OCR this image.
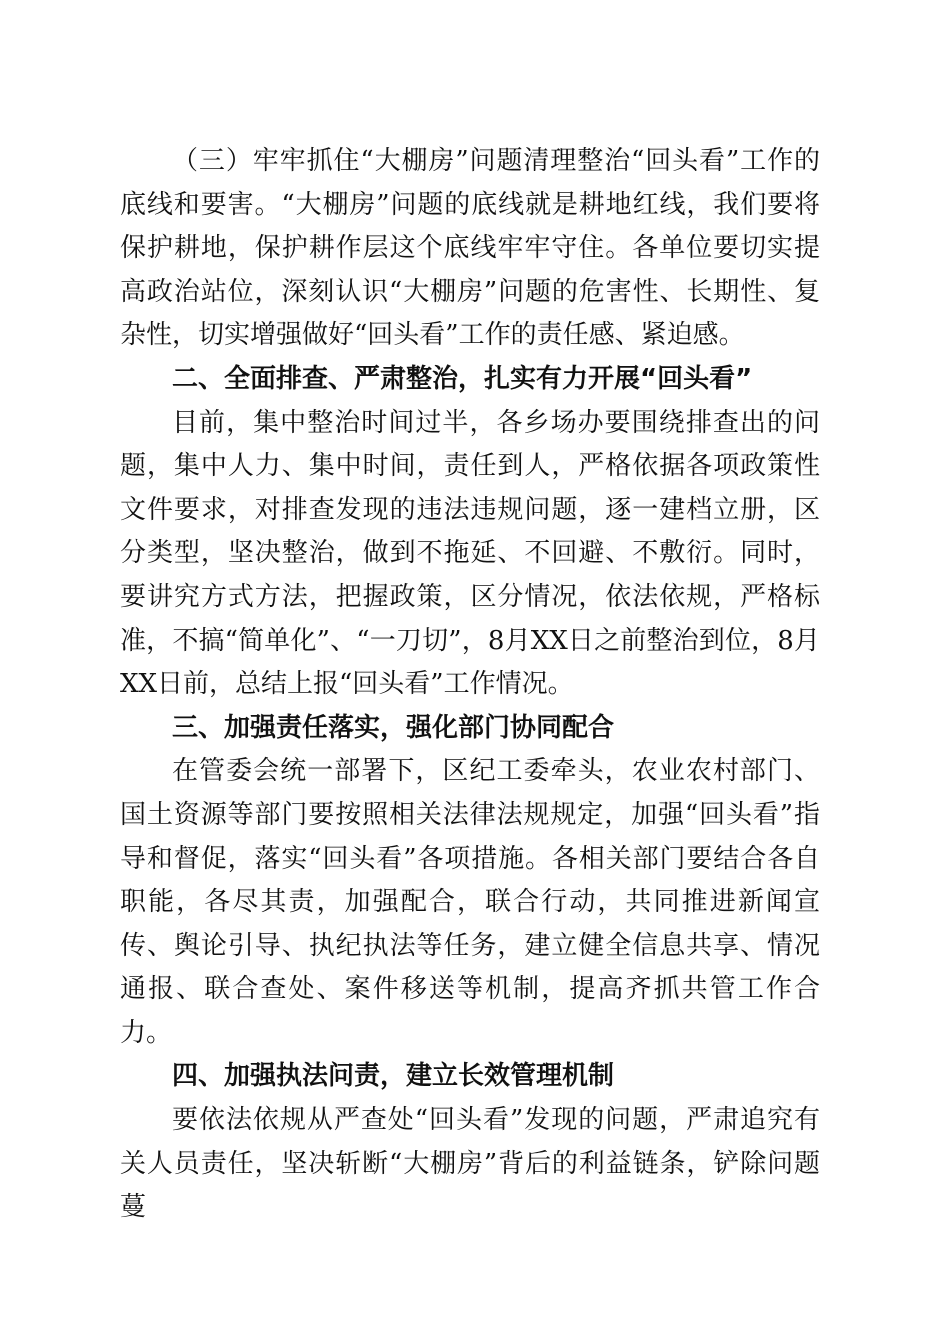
（三）牢牢抓住“大棚房”问题清理整治“回头看”工作的底线和要害。“大棚房”问题的底线就是耕地红线，我们要将保护耕地，保护耕作层这个底线牢牢守住。各单位要切实提高政治站位，深刻认识“大棚房”问题的危害性、长期性、复杂性，切实增强做好“回头看”工作的责任感、紧迫感。

二、全面排查、严肃整治，扎实有力开展“回头看”

目前，集中整治时间过半，各乡场办要围绕排查出的问题，集中人力、集中时间，责任到人，严格依据各项政策性文件要求，对排查发现的违法违规问题，逐一建档立册，区分类型，坚决整治，做到不拖延、不回避、不敷衍。同时，要讲究方式方法，把握政策，区分情况，依法依规，严格标准，不搞“简单化”、“一刀切”，8月XX日之前整治到位，8月XX日前，总结上报“回头看”工作情况。

三、加强责任落实，强化部门协同配合

在管委会统一部署下，区纪工委牵头，农业农村部门、国土资源等部门要按照相关法律法规规定，加强“回头看”指导和督促，落实“回头看”各项措施。各相关部门要结合各自职能，各尽其责，加强配合，联合行动，共同推进新闻宣传、舆论引导、执纪执法等任务，建立健全信息共享、情况通报、联合查处、案件移送等机制，提高齐抓共管工作合力。

四、加强执法问责，建立长效管理机制

要依法依规从严查处“回头看”发现的问题，严肃追究有关人员责任，坚决斩断“大棚房”背后的利益链条，铲除问题蔓
